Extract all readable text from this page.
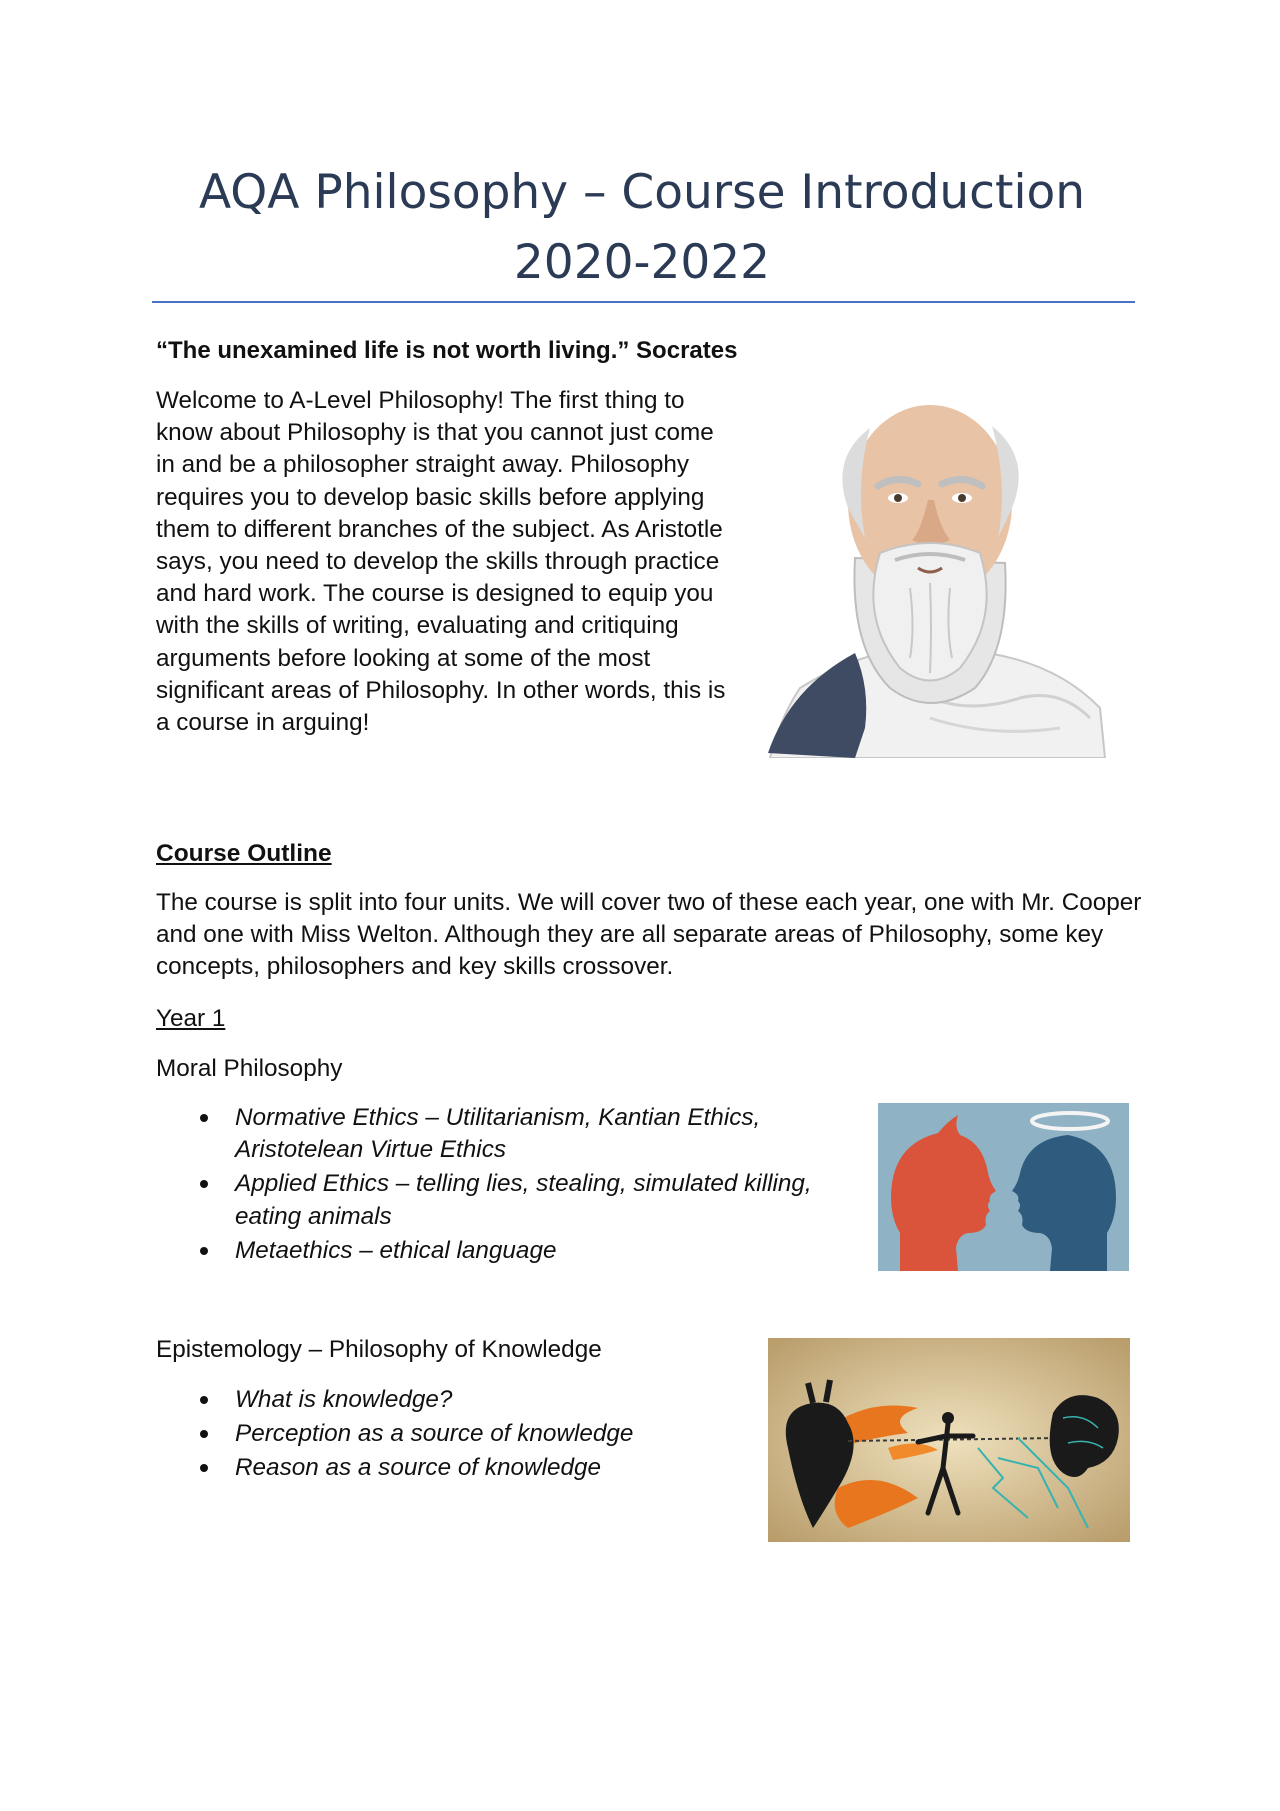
AQA Philosophy – Course Introduction
2020-2022
“The unexamined life is not worth living.” Socrates
Welcome to A-Level Philosophy! The first thing to know about Philosophy is that you cannot just come in and be a philosopher straight away. Philosophy requires you to develop basic skills before applying them to different branches of the subject. As Aristotle says, you need to develop the skills through practice and hard work. The course is designed to equip you with the skills of writing, evaluating and critiquing arguments before looking at some of the most significant areas of Philosophy. In other words, this is a course in arguing!
Course Outline
The course is split into four units. We will cover two of these each year, one with Mr. Cooper and one with Miss Welton. Although they are all separate areas of Philosophy, some key concepts, philosophers and key skills crossover.
Year 1
Moral Philosophy
Normative Ethics – Utilitarianism, Kantian Ethics, Aristotelean Virtue Ethics
Applied Ethics – telling lies, stealing, simulated killing, eating animals
Metaethics – ethical language
Epistemology – Philosophy of Knowledge
What is knowledge?
Perception as a source of knowledge
Reason as a source of knowledge
